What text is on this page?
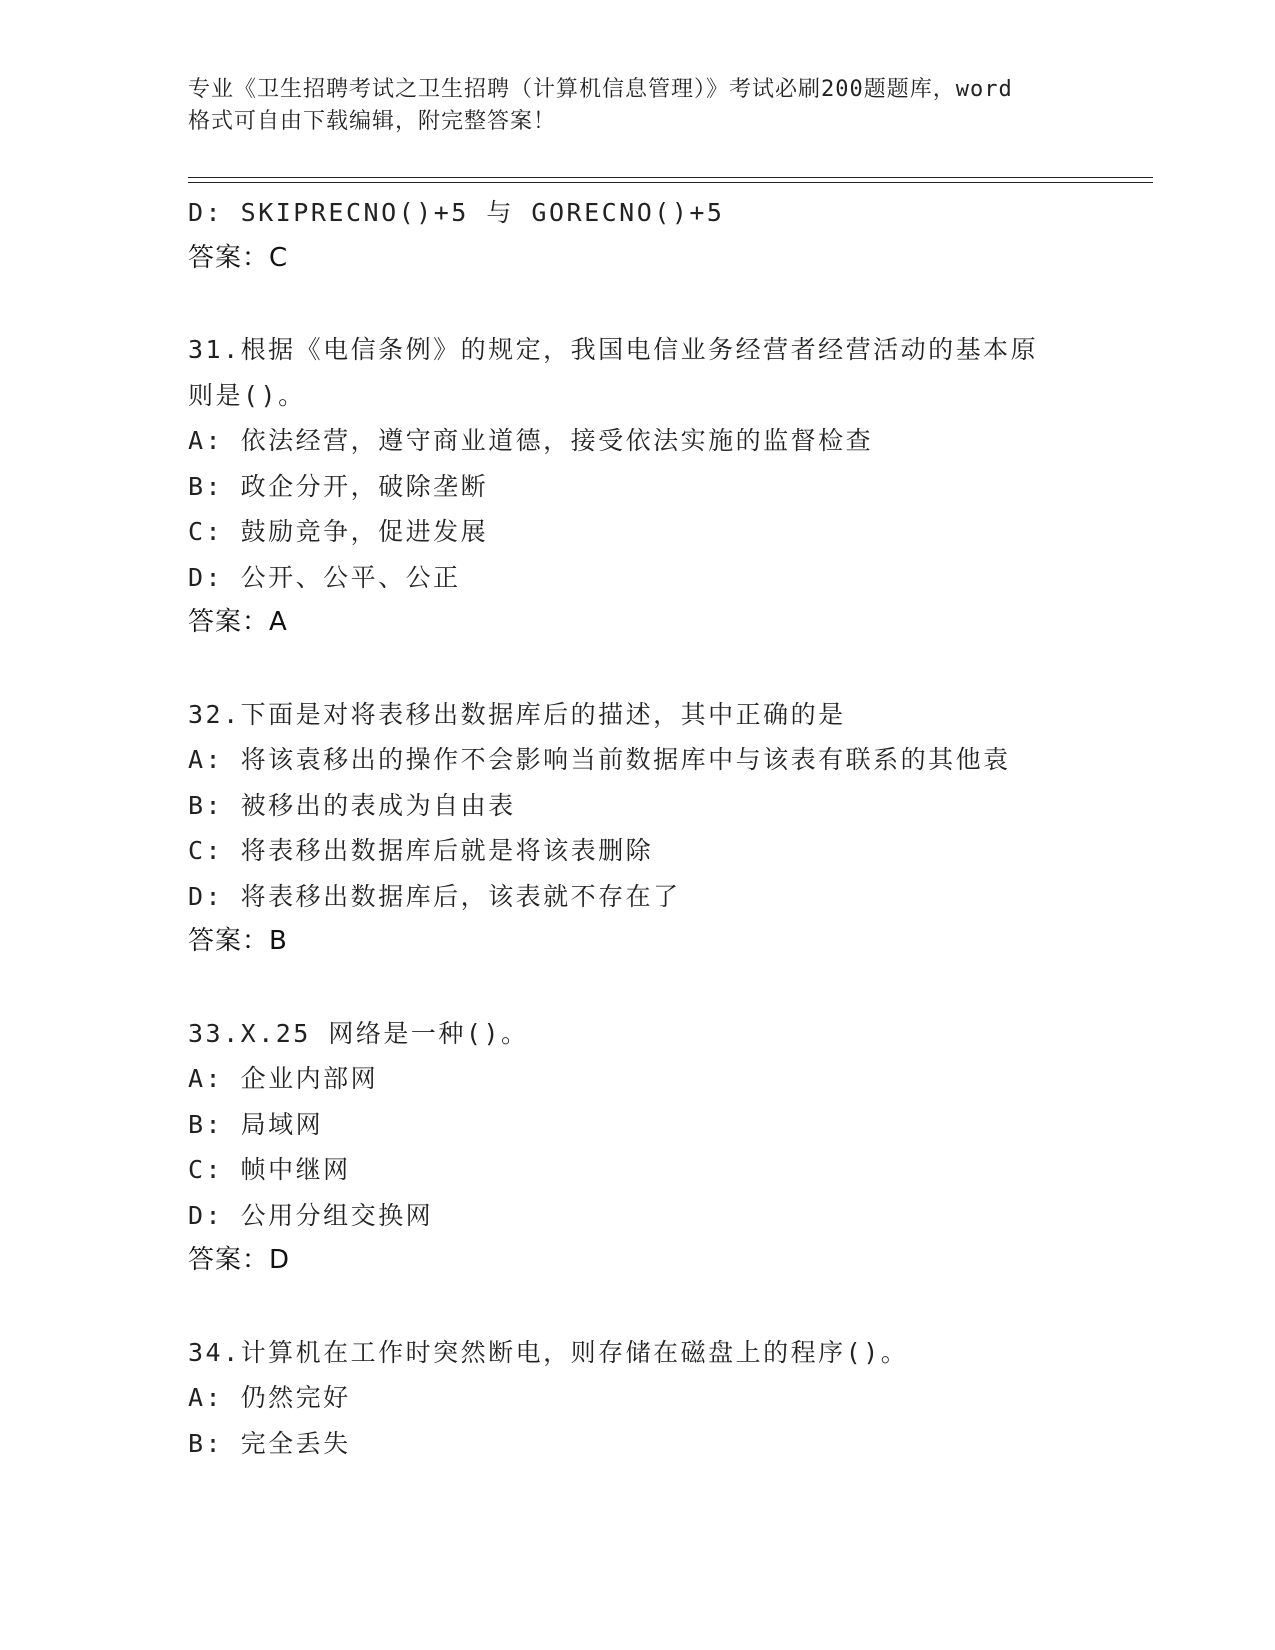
专业《卫生招聘考试之卫生招聘（计算机信息管理）》考试必刷200题题库，word
格式可自由下载编辑，附完整答案！
D: SKIPRECNO()+5 与 GORECNO()+5
答案：C
31.根据《电信条例》的规定，我国电信业务经营者经营活动的基本原
则是()。
A: 依法经营，遵守商业道德，接受依法实施的监督检查
B: 政企分开，破除垄断
C: 鼓励竞争，促进发展
D: 公开、公平、公正
答案：A
32.下面是对将表移出数据库后的描述，其中正确的是
A: 将该袁移出的操作不会影响当前数据库中与该表有联系的其他袁
B: 被移出的表成为自由表
C: 将表移出数据库后就是将该表删除
D: 将表移出数据库后，该表就不存在了
答案：B
33.X.25 网络是一种()。
A: 企业内部网
B: 局域网
C: 帧中继网
D: 公用分组交换网
答案：D
34.计算机在工作时突然断电，则存储在磁盘上的程序()。
A: 仍然完好
B: 完全丢失
